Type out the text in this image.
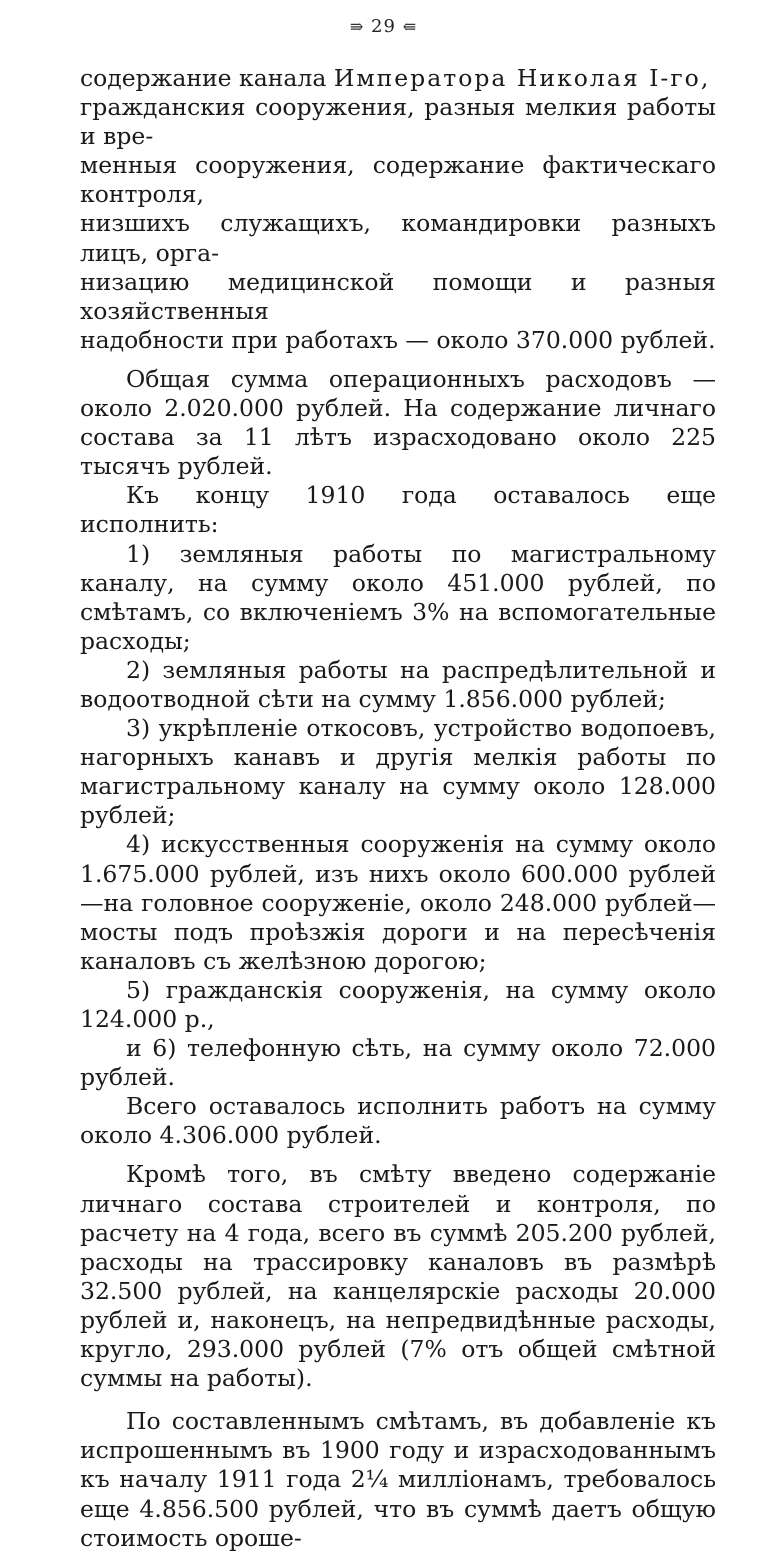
⇛ 29 ⇚

содержание канала Императора Николая I-го,

гражданския сооружения, разныя мелкия работы и вре-

менныя сооружения, содержание фактическаго контроля,

низшихъ служащихъ, командировки разныхъ лицъ, орга-

низацию медицинской помощи и разныя хозяйственныя

надобности при работахъ — около 370.000 рублей.

Общая сумма операционныхъ расходовъ — около 2.020.000 рублей. На содержание личнаго состава за 11 лѣтъ израсходовано около 225 тысячъ рублей.

Къ концу 1910 года оставалось еще исполнить:

1) земляныя работы по магистральному каналу, на сумму около 451.000 рублей, по смѣтамъ, со включеніемъ 3% на вспомогательные расходы;

2) земляныя работы на распредѣлительной и водоотводной сѣти на сумму 1.856.000 рублей;

3) укрѣпленіе откосовъ, устройство водопоевъ, нагорныхъ канавъ и другія мелкія работы по магистральному каналу на сумму около 128.000 рублей;

4) искусственныя сооруженія на сумму около 1.675.000 рублей, изъ нихъ около 600.000 рублей—на головное сооруженіе, около 248.000 рублей—мосты подъ проѣзжія дороги и на пересѣченія каналовъ съ желѣзною дорогою;

5) гражданскія сооруженія, на сумму около 124.000 р.,

и 6) телефонную сѣть, на сумму около 72.000 рублей.

Всего оставалось исполнить работъ на сумму около 4.306.000 рублей.

Кромѣ того, въ смѣту введено содержаніе личнаго состава строителей и контроля, по расчету на 4 года, всего въ суммѣ 205.200 рублей, расходы на трассировку каналовъ въ размѣрѣ 32.500 рублей, на канцелярскіе расходы 20.000 рублей и, наконецъ, на непредвидѣнные расходы, кругло, 293.000 рублей (7% отъ общей смѣтной суммы на работы).

По составленнымъ смѣтамъ, въ добавленіе къ испрошеннымъ въ 1900 году и израсходованнымъ къ началу 1911 года 2¼ милліонамъ, требовалось еще 4.856.500 рублей, что въ суммѣ даетъ общую стоимость ороше-
